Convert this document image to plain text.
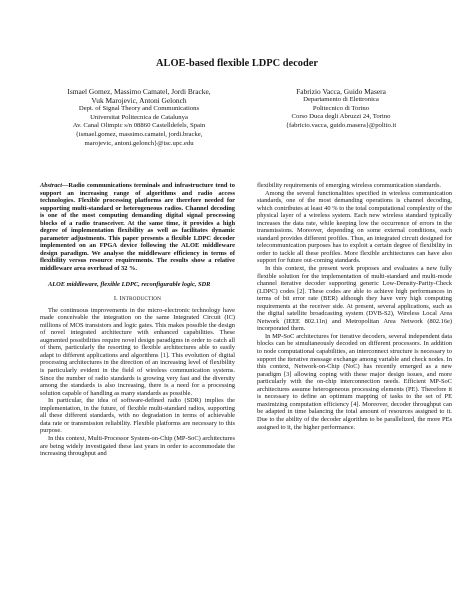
ALOE-based flexible LDPC decoder
Ismael Gomez, Massimo Camatel, Jordi Bracke,
Vuk Marojevic, Antoni Gelonch
Dept. of Signal Theory and Communications
Universitat Politecnica de Catalunya
Av. Canal Olimpic s/n 08860 Castelldefels, Spain
{ismael.gomez, massimo.camatel, jordi.bracke,
marojevic, antoni.gelonch}@tsc.upc.edu
Fabrizio Vacca, Guido Masera
Departamento di Elettronica
Politecnico di Torino
Corso Duca degli Abruzzi 24, Torino
{fabricio.vacca, guido.masera}@polito.it

Abstract—Radio communications terminals and infrastructure tend to support an increasing range of algorithms and radio access technologies. Flexible processing platforms are therefore needed for supporting multi-standard or heterogeneous radios. Channel decoding is one of the most computing demanding digital signal processing blocks of a radio transceiver. At the same time, it provides a high degree of implementation flexibility as well as facilitates dynamic parameter adjustments. This paper presents a flexible LDPC decoder implemented on an FPGA device following the ALOE middleware design paradigm. We analyse the middleware efficiency in terms of flexibility versus resource requirements. The results show a relative middleware area overhead of 32 %.

ALOE middleware, flexible LDPC, reconfigurable logic, SDR

I. INTRODUCTION

The continuous improvements in the micro-electronic technology have made conceivable the integration on the same Integrated Circuit (IC) millions of MOS transistors and logic gates. This makes possible the design of novel integrated architecture with enhanced capabilities. These augmented possibilities require novel design paradigms in order to catch all of them, particularly the resorting to flexible architectures able to easily adapt to different applications and algorithms [1]. This evolution of digital processing architectures in the direction of an increasing level of flexibility is particularly evident in the field of wireless communication systems. Since the number of radio standards is growing very fast and the diversity among the standards is also increasing, there is a need for a processing solution capable of handling as many standards as possible.

In particular, the idea of software-defined radio (SDR) implies the implementation, in the future, of flexible multi-standard radios, supporting all these different standards, with no degradation in terms of achievable data rate or transmission reliability. Flexible platforms are necessary to this purpose.

In this context, Multi-Processor System-on-Chip (MP-SoC) architectures are being widely investigated these last years in order to accommodate the increasing throughput and

flexibility requirements of emerging wireless communication standards.

Among the several functionalities specified in wireless communication standards, one of the most demanding operations is channel decoding, which contributes at least 40 % to the total computational complexity of the physical layer of a wireless system. Each new wireless standard typically increases the data rate, while keeping low the occurrence of errors in the transmissions. Moreover, depending on some external conditions, each standard provides different profiles. Thus, an integrated circuit designed for telecommunication purposes has to exploit a certain degree of flexibility in order to tackle all these profiles. More flexible architectures can have also support for future out-coming standards.

In this context, the present work proposes and evaluates a new fully flexible solution for the implementation of multi-standard and multi-mode channel iterative decoder supporting generic Low-Density-Parity-Check (LDPC) codes [2]. These codes are able to achieve high performances in terms of bit error rate (BER) although they have very high computing requirements at the receiver side. At present, several applications, such as the digital satellite broadcasting system (DVB-S2), Wireless Local Area Network (IEEE 802.11n) and Metropolitan Area Network (802.16e) incorporated them.

In MP-SoC architectures for iterative decoders, several independent data blocks can be simultaneously decoded on different processors. In addition to node computational capabilities, an interconnect structure is necessary to support the iterative message exchange among variable and check nodes. In this context, Network-on-Chip (NoC) has recently emerged as a new paradigm [3] allowing coping with these major design issues, and more particularly with the on-chip interconnection needs. Efficient MP-SoC architectures assume heterogeneous processing elements (PE). Therefore it is necessary to define an optimum mapping of tasks to the set of PE maximizing computation efficiency [4]. Moreover, decoder throughput can be adapted in time balancing the total amount of resources assigned to it. Due to the ability of the decoder algorithm to be parallelized, the more PEs assigned to it, the higher performance.
